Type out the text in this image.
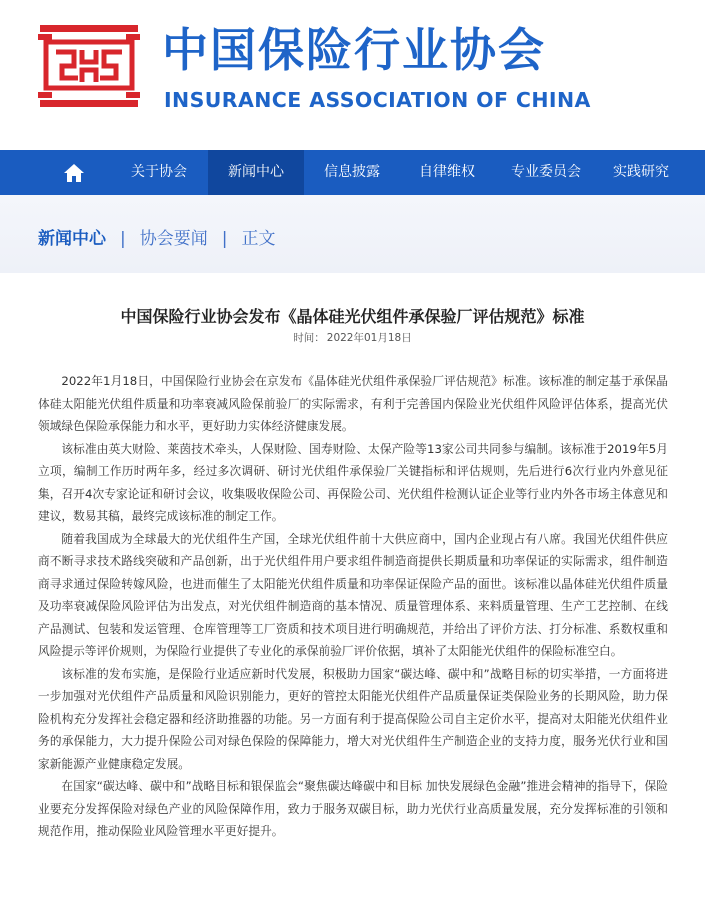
中国保险行业协会
INSURANCE ASSOCIATION OF CHINA
关于协会	新闻中心	信息披露	自律维权	专业委员会	实践研究
新闻中心 | 协会要闻 | 正文
中国保险行业协会发布《晶体硅光伏组件承保验厂评估规范》标准
时间： 2022年01月18日

2022年1月18日，中国保险行业协会在京发布《晶体硅光伏组件承保验厂评估规范》标准。该标准的制定基于承保晶体硅太阳能光伏组件质量和功率衰减风险保前验厂的实际需求，有利于完善国内保险业光伏组件风险评估体系，提高光伏领域绿色保险承保能力和水平，更好助力实体经济健康发展。

该标准由英大财险、莱茵技术牵头，人保财险、国寿财险、太保产险等13家公司共同参与编制。该标准于2019年5月立项，编制工作历时两年多，经过多次调研、研讨光伏组件承保验厂关键指标和评估规则，先后进行6次行业内外意见征集，召开4次专家论证和研讨会议，收集吸收保险公司、再保险公司、光伏组件检测认证企业等行业内外各市场主体意见和建议，数易其稿，最终完成该标准的制定工作。

随着我国成为全球最大的光伏组件生产国，全球光伏组件前十大供应商中，国内企业现占有八席。我国光伏组件供应商不断寻求技术路线突破和产品创新，出于光伏组件用户要求组件制造商提供长期质量和功率保证的实际需求，组件制造商寻求通过保险转嫁风险，也进而催生了太阳能光伏组件质量和功率保证保险产品的面世。该标准以晶体硅光伏组件质量及功率衰减保险风险评估为出发点，对光伏组件制造商的基本情况、质量管理体系、来料质量管理、生产工艺控制、在线产品测试、包装和发运管理、仓库管理等工厂资质和技术项目进行明确规范，并给出了评价方法、打分标准、系数权重和风险提示等评价规则，为保险行业提供了专业化的承保前验厂评价依据，填补了太阳能光伏组件的保险标准空白。

该标准的发布实施，是保险行业适应新时代发展，积极助力国家“碳达峰、碳中和”战略目标的切实举措，一方面将进一步加强对光伏组件产品质量和风险识别能力，更好的管控太阳能光伏组件产品质量保证类保险业务的长期风险，助力保险机构充分发挥社会稳定器和经济助推器的功能。另一方面有利于提高保险公司自主定价水平，提高对太阳能光伏组件业务的承保能力，大力提升保险公司对绿色保险的保障能力，增大对光伏组件生产制造企业的支持力度，服务光伏行业和国家新能源产业健康稳定发展。

在国家“碳达峰、碳中和”战略目标和银保监会“聚焦碳达峰碳中和目标 加快发展绿色金融”推进会精神的指导下，保险业要充分发挥保险对绿色产业的风险保障作用，致力于服务双碳目标，助力光伏行业高质量发展，充分发挥标准的引领和规范作用，推动保险业风险管理水平更好提升。
